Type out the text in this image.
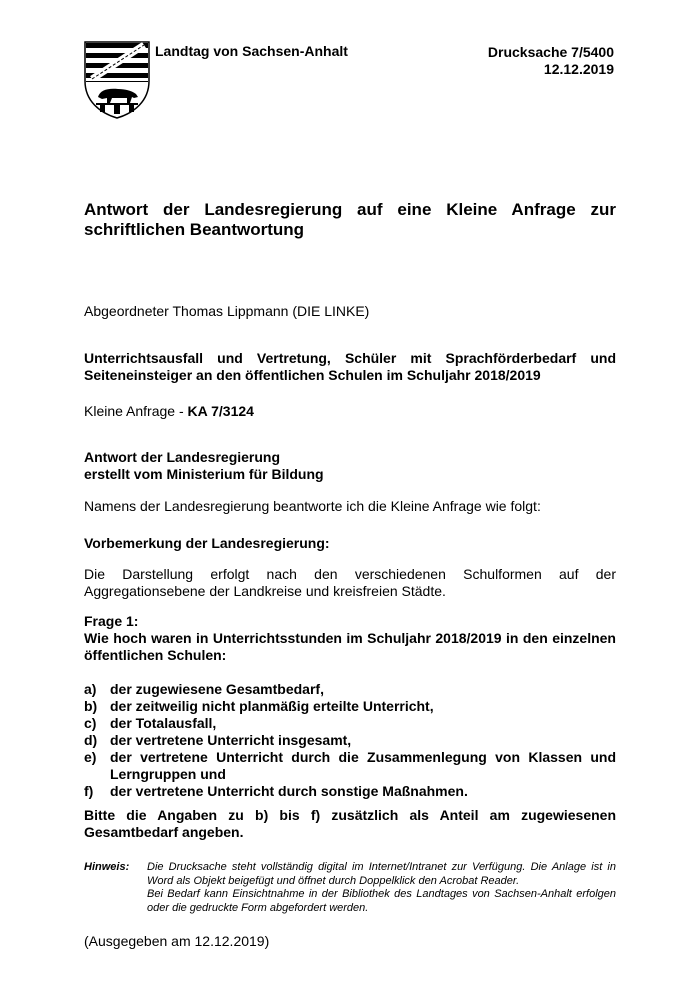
Landtag von Sachsen-Anhalt	Drucksache 7/5400
12.12.2019
Antwort der Landesregierung auf eine Kleine Anfrage zur schriftlichen Beantwortung
Abgeordneter Thomas Lippmann (DIE LINKE)
Unterrichtsausfall und Vertretung, Schüler mit Sprachförderbedarf und Seiteneinsteiger an den öffentlichen Schulen im Schuljahr 2018/2019
Kleine Anfrage - KA 7/3124
Antwort der Landesregierung
erstellt vom Ministerium für Bildung
Namens der Landesregierung beantworte ich die Kleine Anfrage wie folgt:
Vorbemerkung der Landesregierung:
Die Darstellung erfolgt nach den verschiedenen Schulformen auf der Aggregationsebene der Landkreise und kreisfreien Städte.
Frage 1:
Wie hoch waren in Unterrichtsstunden im Schuljahr 2018/2019 in den einzelnen öffentlichen Schulen:
a) der zugewiesene Gesamtbedarf,
b) der zeitweilig nicht planmäßig erteilte Unterricht,
c) der Totalausfall,
d) der vertretene Unterricht insgesamt,
e) der vertretene Unterricht durch die Zusammenlegung von Klassen und Lerngruppen und
f)	der vertretene Unterricht durch sonstige Maßnahmen.
Bitte die Angaben zu b) bis f) zusätzlich als Anteil am zugewiesenen Gesamtbedarf angeben.
Hinweis:	Die Drucksache steht vollständig digital im Internet/Intranet zur Verfügung. Die Anlage ist in Word als Objekt beigefügt und öffnet durch Doppelklick den Acrobat Reader.
Bei Bedarf kann Einsichtnahme in der Bibliothek des Landtages von Sachsen-Anhalt erfolgen oder die gedruckte Form abgefordert werden.
(Ausgegeben am 12.12.2019)
